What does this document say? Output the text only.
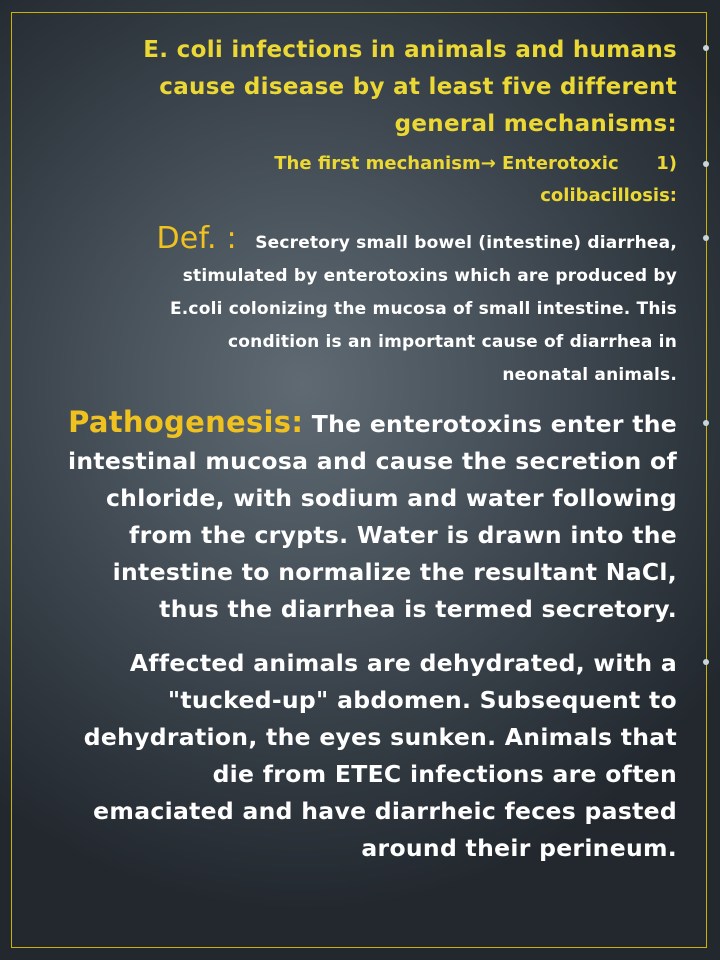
E. coli infections in animals and humans
cause disease by at least five different
general mechanisms:
The first mechanism→ Enterotoxic      1)
colibacillosis:
Def. : Secretory small bowel (intestine) diarrhea,
stimulated by enterotoxins which are produced by
E.coli colonizing the mucosa of small intestine. This
condition is an important cause of diarrhea in
neonatal animals.
Pathogenesis: The enterotoxins enter the
intestinal mucosa and cause the secretion of
chloride, with sodium and water following
from the crypts. Water is drawn into the
intestine to normalize the resultant NaCl,
thus the diarrhea is termed secretory.
Affected animals are dehydrated, with a
"tucked-up" abdomen. Subsequent to
dehydration, the eyes sunken. Animals that
die from ETEC infections are often
emaciated and have diarrheic feces pasted
around their perineum.
